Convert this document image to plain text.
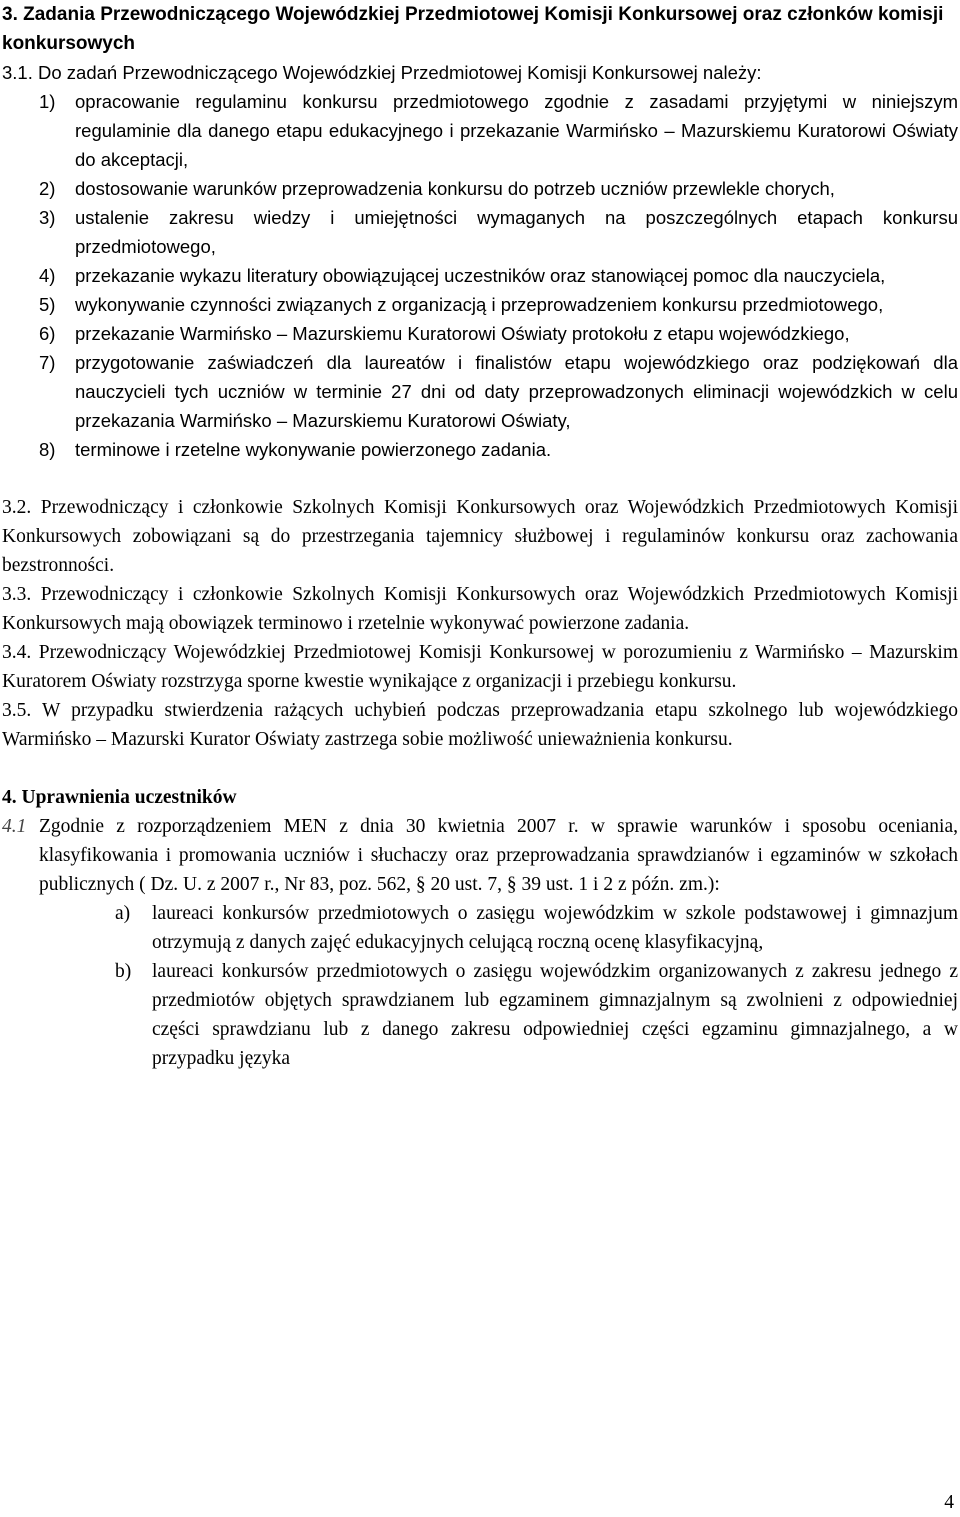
3. Zadania Przewodniczącego Wojewódzkiej Przedmiotowej Komisji Konkursowej oraz członków komisji konkursowych
3.1. Do zadań Przewodniczącego Wojewódzkiej Przedmiotowej Komisji Konkursowej należy:
1) opracowanie regulaminu konkursu przedmiotowego zgodnie z zasadami przyjętymi w niniejszym regulaminie dla danego etapu edukacyjnego i przekazanie Warmińsko – Mazurskiemu Kuratorowi Oświaty do akceptacji,
2) dostosowanie warunków przeprowadzenia konkursu do potrzeb uczniów przewlekle chorych,
3) ustalenie zakresu wiedzy i umiejętności wymaganych na poszczególnych etapach konkursu przedmiotowego,
4) przekazanie wykazu literatury obowiązującej uczestników oraz stanowiącej pomoc dla nauczyciela,
5) wykonywanie czynności związanych z organizacją i przeprowadzeniem konkursu przedmiotowego,
6) przekazanie Warmińsko – Mazurskiemu Kuratorowi Oświaty protokołu z etapu wojewódzkiego,
7) przygotowanie zaświadczeń dla laureatów i finalistów etapu wojewódzkiego oraz podziękowań dla nauczycieli tych uczniów w terminie 27 dni od daty przeprowadzonych eliminacji wojewódzkich w celu przekazania Warmińsko – Mazurskiemu Kuratorowi Oświaty,
8) terminowe i rzetelne wykonywanie powierzonego zadania.

3.2. Przewodniczący i członkowie Szkolnych Komisji Konkursowych oraz Wojewódzkich Przedmiotowych Komisji Konkursowych zobowiązani są do przestrzegania tajemnicy służbowej i regulaminów konkursu oraz zachowania bezstronności.

3.3. Przewodniczący i członkowie Szkolnych Komisji Konkursowych oraz Wojewódzkich Przedmiotowych Komisji Konkursowych mają obowiązek terminowo i rzetelnie wykonywać powierzone zadania.

3.4. Przewodniczący Wojewódzkiej Przedmiotowej Komisji Konkursowej w porozumieniu z Warmińsko – Mazurskim Kuratorem Oświaty rozstrzyga sporne kwestie wynikające z organizacji i przebiegu konkursu.

3.5. W przypadku stwierdzenia rażących uchybień podczas przeprowadzania etapu szkolnego lub wojewódzkiego Warmińsko – Mazurski Kurator Oświaty zastrzega sobie możliwość unieważnienia konkursu.

4. Uprawnienia uczestników
4.1 Zgodnie z rozporządzeniem MEN z dnia 30 kwietnia 2007 r. w sprawie warunków i sposobu oceniania, klasyfikowania i promowania uczniów i słuchaczy oraz przeprowadzania sprawdzianów i egzaminów w szkołach publicznych ( Dz. U. z 2007 r., Nr 83, poz. 562, § 20 ust. 7, § 39 ust. 1 i 2 z późn. zm.):
a) laureaci konkursów przedmiotowych o zasięgu wojewódzkim w szkole podstawowej i gimnazjum otrzymują z danych zajęć edukacyjnych celującą roczną ocenę klasyfikacyjną,
b) laureaci konkursów przedmiotowych o zasięgu wojewódzkim organizowanych z zakresu jednego z przedmiotów objętych sprawdzianem lub egzaminem gimnazjalnym są zwolnieni z odpowiedniej części sprawdzianu lub z danego zakresu odpowiedniej części egzaminu gimnazjalnego, a w przypadku języka
4
